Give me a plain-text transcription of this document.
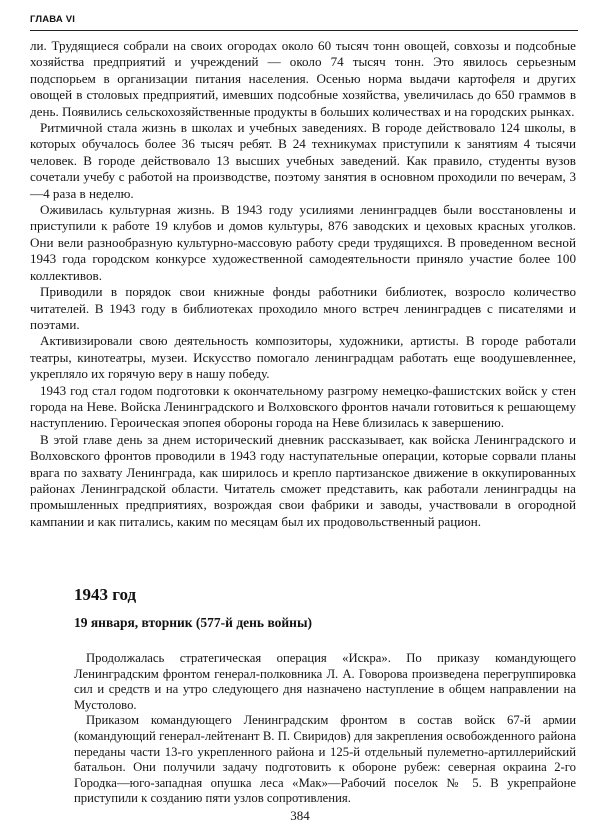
ГЛАВА VI

ли. Трудящиеся собрали на своих огородах около 60 тысяч тонн овощей, совхозы и подсобные хозяйства предприятий и учреждений — около 74 тысяч тонн. Это явилось серьезным подспорьем в организации питания населения. Осенью норма выдачи картофеля и других овощей в столовых предприятий, имевших подсобные хозяйства, увеличилась до 650 граммов в день. Появились сельскохозяйственные продукты в больших количествах и на городских рынках.

Ритмичной стала жизнь в школах и учебных заведениях. В городе действовало 124 школы, в которых обучалось более 36 тысяч ребят. В 24 техникумах приступили к занятиям 4 тысячи человек. В городе действовало 13 высших учебных заведений. Как правило, студенты вузов сочетали учебу с работой на производстве, поэтому занятия в основном проходили по вечерам, 3—4 раза в неделю.

Оживилась культурная жизнь. В 1943 году усилиями ленинградцев были восстановлены и приступили к работе 19 клубов и домов культуры, 876 заводских и цеховых красных уголков. Они вели разнообразную культурно-массовую работу среди трудящихся. В проведенном весной 1943 года городском конкурсе художественной самодеятельности приняло участие более 100 коллективов.

Приводили в порядок свои книжные фонды работники библиотек, возросло количество читателей. В 1943 году в библиотеках проходило много встреч ленинградцев с писателями и поэтами.

Активизировали свою деятельность композиторы, художники, артисты. В городе работали театры, кинотеатры, музеи. Искусство помогало ленинградцам работать еще воодушевленнее, укрепляло их горячую веру в нашу победу.

1943 год стал годом подготовки к окончательному разгрому немецко-фашистских войск у стен города на Неве. Войска Ленинградского и Волховского фронтов начали готовиться к решающему наступлению. Героическая эпопея обороны города на Неве близилась к завершению.

В этой главе день за днем исторический дневник рассказывает, как войска Ленинградского и Волховского фронтов проводили в 1943 году наступательные операции, которые сорвали планы врага по захвату Ленинграда, как ширилось и крепло партизанское движение в оккупированных районах Ленинградской области. Читатель сможет представить, как работали ленинградцы на промышленных предприятиях, возрождая свои фабрики и заводы, участвовали в огородной кампании и как питались, каким по месяцам был их продовольственный рацион.

1943 год
19 января, вторник (577-й день войны)

Продолжалась стратегическая операция «Искра». По приказу командующего Ленинградским фронтом генерал-полковника Л. А. Говорова произведена перегруппировка сил и средств и на утро следующего дня назначено наступление в общем направлении на Мустолово.

Приказом командующего Ленинградским фронтом в состав войск 67-й армии (командующий генерал-лейтенант В. П. Свиридов) для закрепления освобожденного района переданы части 13-го укрепленного района и 125-й отдельный пулеметно-артиллерийский батальон. Они получили задачу подготовить к обороне рубеж: северная окраина 2-го Городка—юго-западная опушка леса «Мак»—Рабочий поселок № 5. В укрепрайоне приступили к созданию пяти узлов сопротивления.

384
